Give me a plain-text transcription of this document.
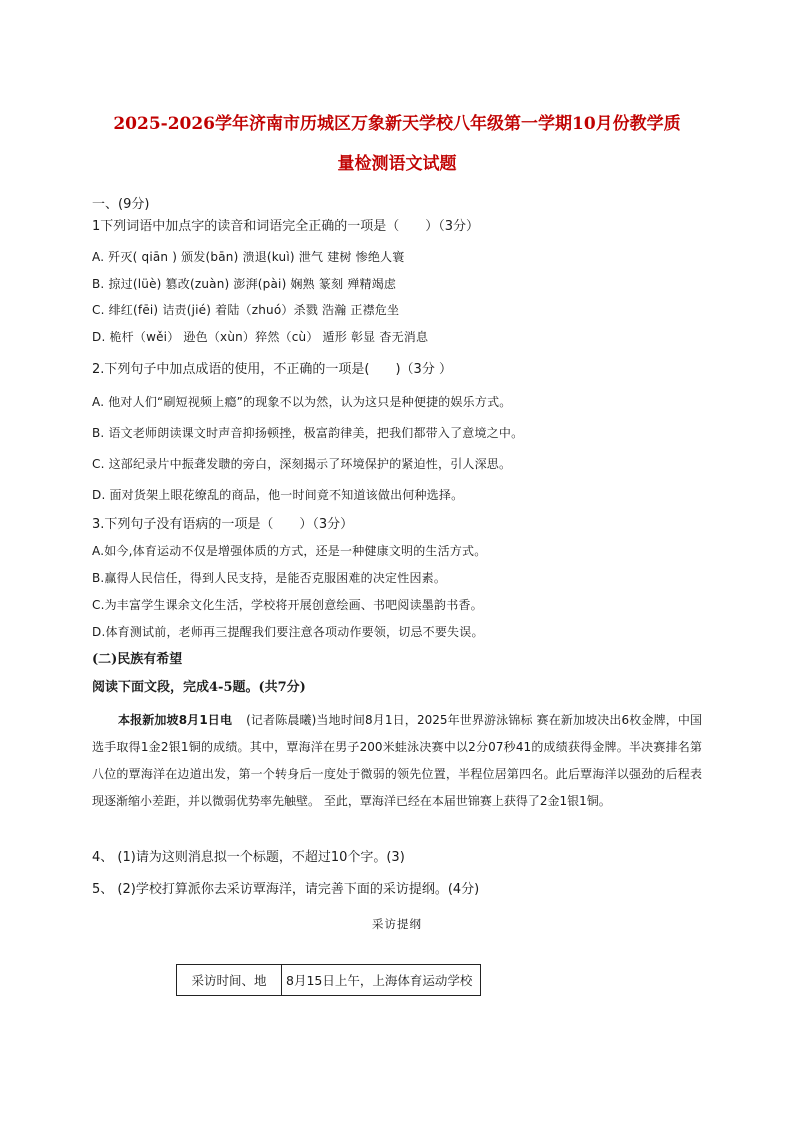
2025-2026学年济南市历城区万象新天学校八年级第一学期10月份教学质
量检测语文试题
一、(9分)
1下列词语中加点字的读音和词语完全正确的一项是（　　）（3分）
A. 歼灭( qiān ) 颁发(bān) 溃退(kuì) 泄气 建树 惨绝人寰
B. 掠过(lüè) 篡改(zuàn) 澎湃(pài) 娴熟 篆刻 殚精竭虑
C. 绯红(fēi) 诘责(jié) 着陆（zhuó）杀戮 浩瀚 正襟危坐
D. 桅杆（wěi） 逊色（xùn）猝然（cù） 遁形 彰显 杳无消息
2.下列句子中加点成语的使用，不正确的一项是(　　)（3分 ）
A. 他对人们“刷短视频上瘾”的现象不以为然，认为这只是种便捷的娱乐方式。
B. 语文老师朗读课文时声音抑扬顿挫，极富韵律美，把我们都带入了意境之中。
C. 这部纪录片中振聋发聩的旁白，深刻揭示了环境保护的紧迫性，引人深思。
D. 面对货架上眼花缭乱的商品，他一时间竟不知道该做出何种选择。
3.下列句子没有语病的一项是（　　）（3分）
A.如今,体育运动不仅是增强体质的方式，还是一种健康文明的生活方式。
B.赢得人民信任，得到人民支持，是能否克服困难的决定性因素。
C.为丰富学生课余文化生活，学校将开展创意绘画、书吧阅读墨韵书香。
D.体育测试前，老师再三提醒我们要注意各项动作要领，切忌不要失误。
(二)民族有希望
阅读下面文段，完成4-5题。(共7分)
本报新加坡8月1日电 (记者陈晨曦)当地时间8月1日，2025年世界游泳锦标 赛在新加坡决出6枚金牌，中国选手取得1金2银1铜的成绩。其中，覃海洋在男子200米蛙泳决赛中以2分07秒41的成绩获得金牌。半决赛排名第八位的覃海洋在边道出发，第一个转身后一度处于微弱的领先位置，半程位居第四名。此后覃海洋以强劲的后程表现逐渐缩小差距，并以微弱优势率先触壁。 至此，覃海洋已经在本届世锦赛上获得了2金1银1铜。
4、 (1)请为这则消息拟一个标题，不超过10个字。(3)
5、 (2)学校打算派你去采访覃海洋，请完善下面的采访提纲。(4分)
采访提纲
采访时间、地	8月15日上午，上海体育运动学校
